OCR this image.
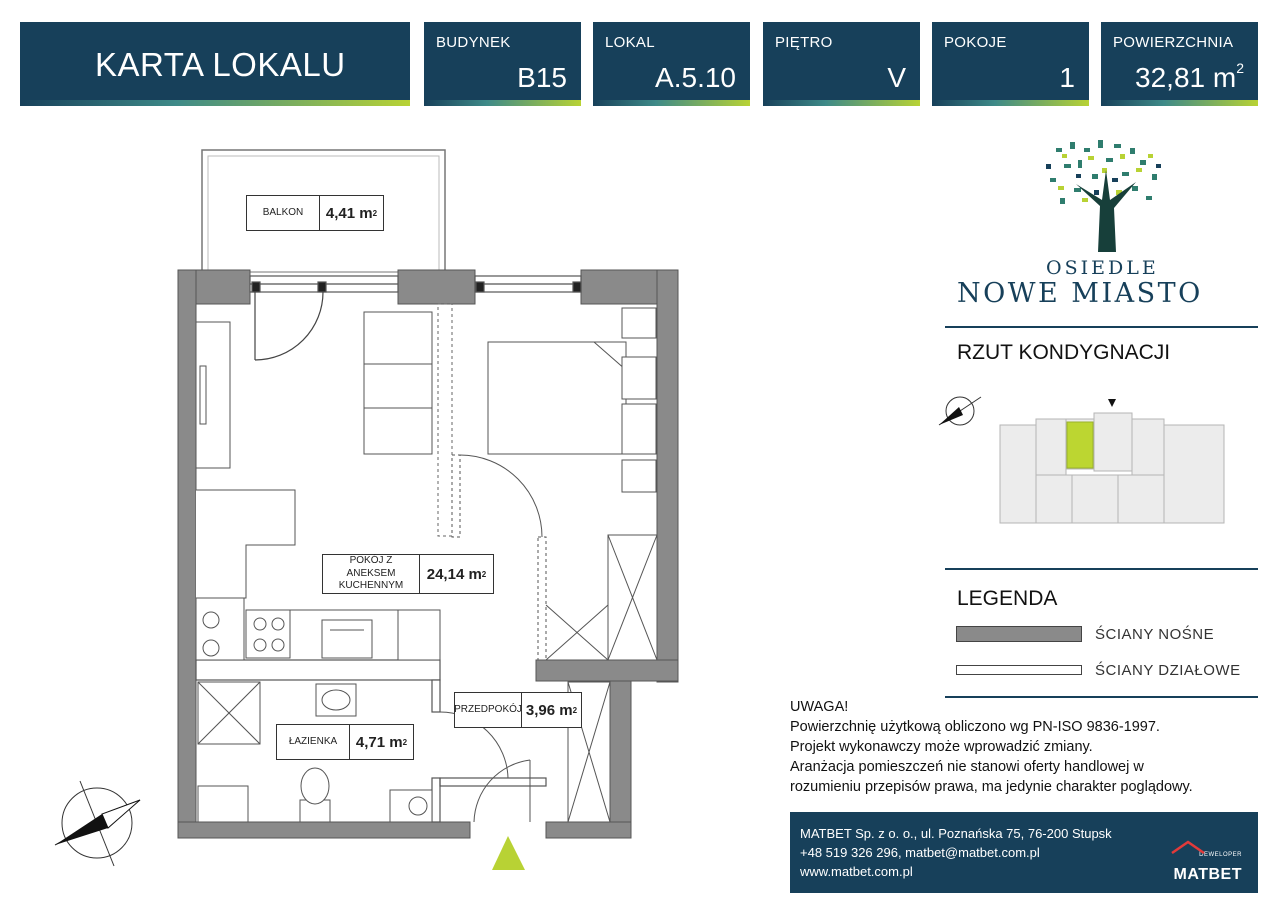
KARTA LOKALU
BUDYNEK
B15
LOKAL
A.5.10
PIĘTRO
V
POKOJE
1
POWIERZCHNIA
32,81 $m^2$
BALKON	4,41 m 2
POKÓJ Z ANEKSEM KUCHENNYM
24,14 m 2
PRZEDPOKÓJ 3,96 m 2
ŁAZIENKA	4,71 m 2
OSIEDLE
NOWE MIASTO
RZUT KONDYGNACJI
LEGENDA
ŚCIANY NOŚNE
ŚCIANY DZIAŁOWE
UWAGA!
Powierzchnię użytkową obliczono wg PN-ISO 9836-1997.
Projekt wykonawczy może wprowadzić zmiany.
Aranżacja pomieszczeń nie stanowi oferty handlowej w
rozumieniu przepisów prawa, ma jedynie charakter poglądowy.
MATBET Sp. z o. o., ul. Poznańska 75, 76-200 Stupsk
+48 519 326 296, matbet@matbet.com.pl
www.matbet.com.pl
DEWELOPER
MATBET
